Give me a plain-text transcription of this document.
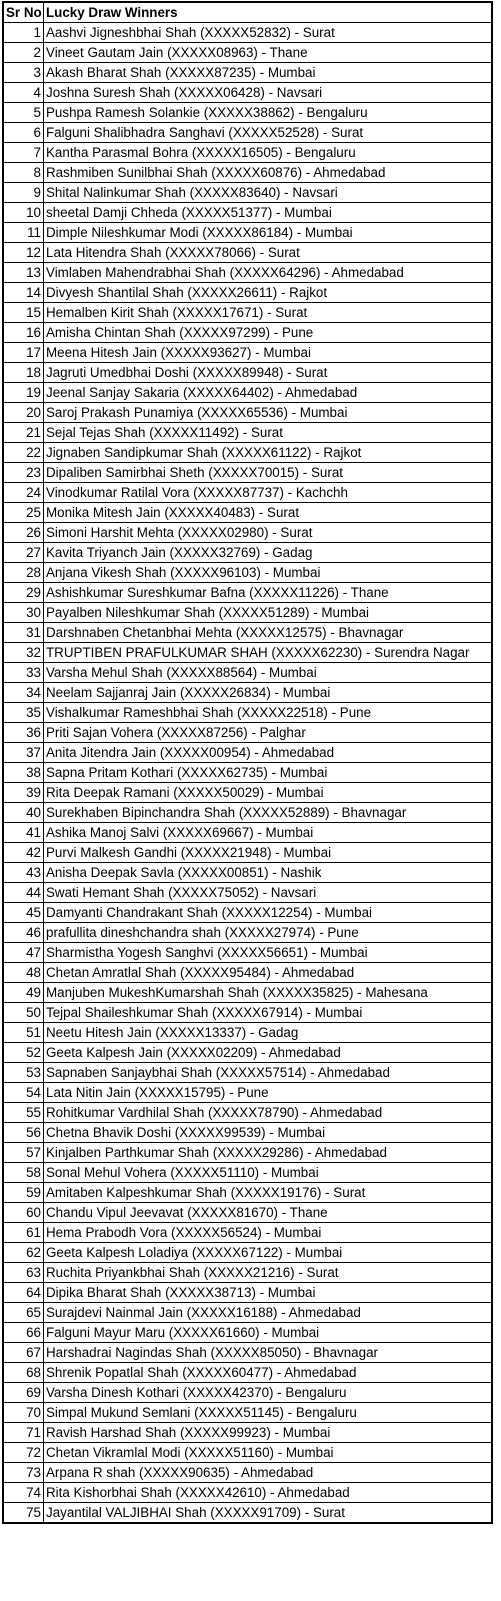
Sr No	Lucky Draw Winners
1	Aashvi Jigneshbhai Shah (XXXXX52832) - Surat
2	Vineet Gautam Jain (XXXXX08963) - Thane
3	Akash Bharat Shah (XXXXX87235) - Mumbai
4	Joshna Suresh Shah (XXXXX06428) - Navsari
5	Pushpa Ramesh Solankie (XXXXX38862) - Bengaluru
6	Falguni Shalibhadra Sanghavi (XXXXX52528) - Surat
7	Kantha Parasmal Bohra (XXXXX16505) - Bengaluru
8	Rashmiben Sunilbhai Shah (XXXXX60876) - Ahmedabad
9	Shital Nalinkumar Shah (XXXXX83640) - Navsari
10	sheetal Damji Chheda (XXXXX51377) - Mumbai
11	Dimple Nileshkumar Modi (XXXXX86184) - Mumbai
12	Lata Hitendra Shah (XXXXX78066) - Surat
13	Vimlaben Mahendrabhai Shah (XXXXX64296) - Ahmedabad
14	Divyesh Shantilal Shah (XXXXX26611) - Rajkot
15	Hemalben Kirit Shah (XXXXX17671) - Surat
16	Amisha Chintan Shah (XXXXX97299) - Pune
17	Meena Hitesh Jain (XXXXX93627) - Mumbai
18	Jagruti Umedbhai Doshi (XXXXX89948) - Surat
19	Jeenal Sanjay Sakaria (XXXXX64402) - Ahmedabad
20	Saroj Prakash Punamiya (XXXXX65536) - Mumbai
21	Sejal Tejas Shah (XXXXX11492) - Surat
22	Jignaben Sandipkumar Shah (XXXXX61122) - Rajkot
23	Dipaliben Samirbhai Sheth (XXXXX70015) - Surat
24	Vinodkumar Ratilal Vora (XXXXX87737) - Kachchh
25	Monika Mitesh Jain (XXXXX40483) - Surat
26	Simoni Harshit Mehta (XXXXX02980) - Surat
27	Kavita Triyanch Jain (XXXXX32769) - Gadag
28	Anjana Vikesh Shah (XXXXX96103) - Mumbai
29	Ashishkumar Sureshkumar Bafna (XXXXX11226) - Thane
30	Payalben Nileshkumar Shah (XXXXX51289) - Mumbai
31	Darshnaben Chetanbhai Mehta (XXXXX12575) - Bhavnagar
32	TRUPTIBEN PRAFULKUMAR SHAH (XXXXX62230) - Surendra Nagar
33	Varsha Mehul Shah (XXXXX88564) - Mumbai
34	Neelam Sajjanraj Jain (XXXXX26834) - Mumbai
35	Vishalkumar Rameshbhai Shah (XXXXX22518) - Pune
36	Priti Sajan Vohera (XXXXX87256) - Palghar
37	Anita Jitendra Jain (XXXXX00954) - Ahmedabad
38	Sapna Pritam Kothari (XXXXX62735) - Mumbai
39	Rita Deepak Ramani (XXXXX50029) - Mumbai
40	Surekhaben Bipinchandra Shah (XXXXX52889) - Bhavnagar
41	Ashika Manoj Salvi (XXXXX69667) - Mumbai
42	Purvi Malkesh Gandhi (XXXXX21948) - Mumbai
43	Anisha Deepak Savla (XXXXX00851) - Nashik
44	Swati Hemant Shah (XXXXX75052) - Navsari
45	Damyanti Chandrakant Shah (XXXXX12254) - Mumbai
46	prafullita dineshchandra shah (XXXXX27974) - Pune
47	Sharmistha Yogesh Sanghvi (XXXXX56651) - Mumbai
48	Chetan Amratlal Shah (XXXXX95484) - Ahmedabad
49	Manjuben MukeshKumarshah Shah (XXXXX35825) - Mahesana
50	Tejpal Shaileshkumar Shah (XXXXX67914) - Mumbai
51	Neetu Hitesh Jain (XXXXX13337) - Gadag
52	Geeta Kalpesh Jain (XXXXX02209) - Ahmedabad
53	Sapnaben Sanjaybhai Shah (XXXXX57514) - Ahmedabad
54	Lata Nitin Jain (XXXXX15795) - Pune
55	Rohitkumar Vardhilal Shah (XXXXX78790) - Ahmedabad
56	Chetna Bhavik Doshi (XXXXX99539) - Mumbai
57	Kinjalben Parthkumar Shah (XXXXX29286) - Ahmedabad
58	Sonal Mehul Vohera (XXXXX51110) - Mumbai
59	Amitaben Kalpeshkumar Shah (XXXXX19176) - Surat
60	Chandu Vipul Jeevavat (XXXXX81670) - Thane
61	Hema Prabodh Vora (XXXXX56524) - Mumbai
62	Geeta Kalpesh Loladiya (XXXXX67122) - Mumbai
63	Ruchita Priyankbhai Shah (XXXXX21216) - Surat
64	Dipika Bharat Shah (XXXXX38713) - Mumbai
65	Surajdevi Nainmal Jain (XXXXX16188) - Ahmedabad
66	Falguni Mayur Maru (XXXXX61660) - Mumbai
67	Harshadrai Nagindas Shah (XXXXX85050) - Bhavnagar
68	Shrenik Popatlal Shah (XXXXX60477) - Ahmedabad
69	Varsha Dinesh Kothari (XXXXX42370) - Bengaluru
70	Simpal Mukund Semlani (XXXXX51145) - Bengaluru
71	Ravish Harshad Shah (XXXXX99923) - Mumbai
72	Chetan Vikramlal Modi (XXXXX51160) - Mumbai
73	Arpana R shah (XXXXX90635) - Ahmedabad
74	Rita Kishorbhai Shah (XXXXX42610) - Ahmedabad
75	Jayantilal VALJIBHAI Shah (XXXXX91709) - Surat
